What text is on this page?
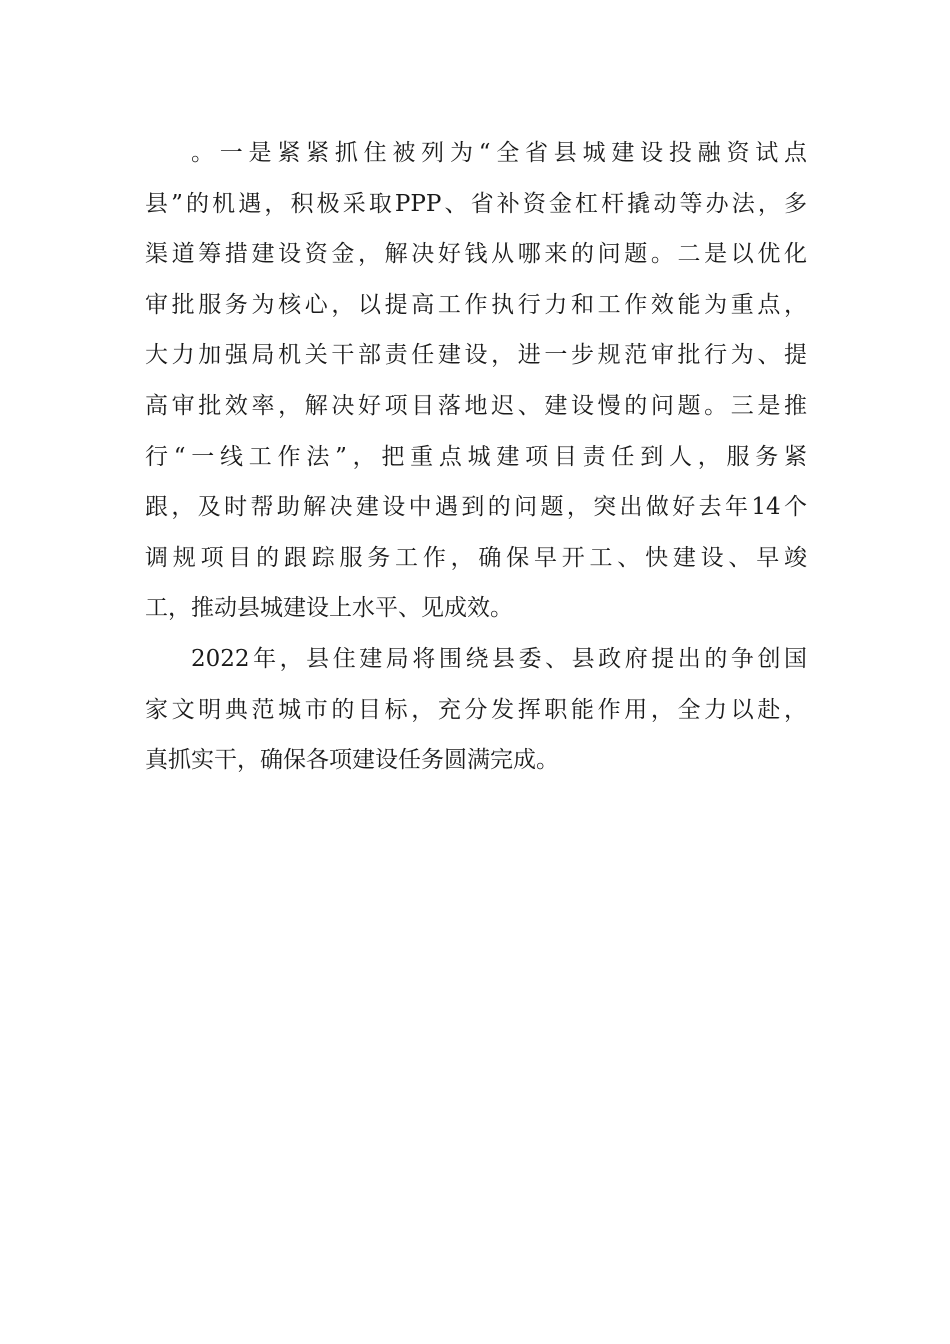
。一是紧紧抓住被列为“全省县城建设投融资试点
县”的机遇，积极采取PPP、省补资金杠杆撬动等办法，多
渠道筹措建设资金，解决好钱从哪来的问题。二是以优化
审批服务为核心，以提高工作执行力和工作效能为重点，
大力加强局机关干部责任建设，进一步规范审批行为、提
高审批效率，解决好项目落地迟、建设慢的问题。三是推
行“一线工作法”，把重点城建项目责任到人，服务紧
跟，及时帮助解决建设中遇到的问题，突出做好去年14个
调规项目的跟踪服务工作，确保早开工、快建设、早竣
工，推动县城建设上水平、见成效。
2022年，县住建局将围绕县委、县政府提出的争创国
家文明典范城市的目标，充分发挥职能作用，全力以赴，
真抓实干，确保各项建设任务圆满完成。
